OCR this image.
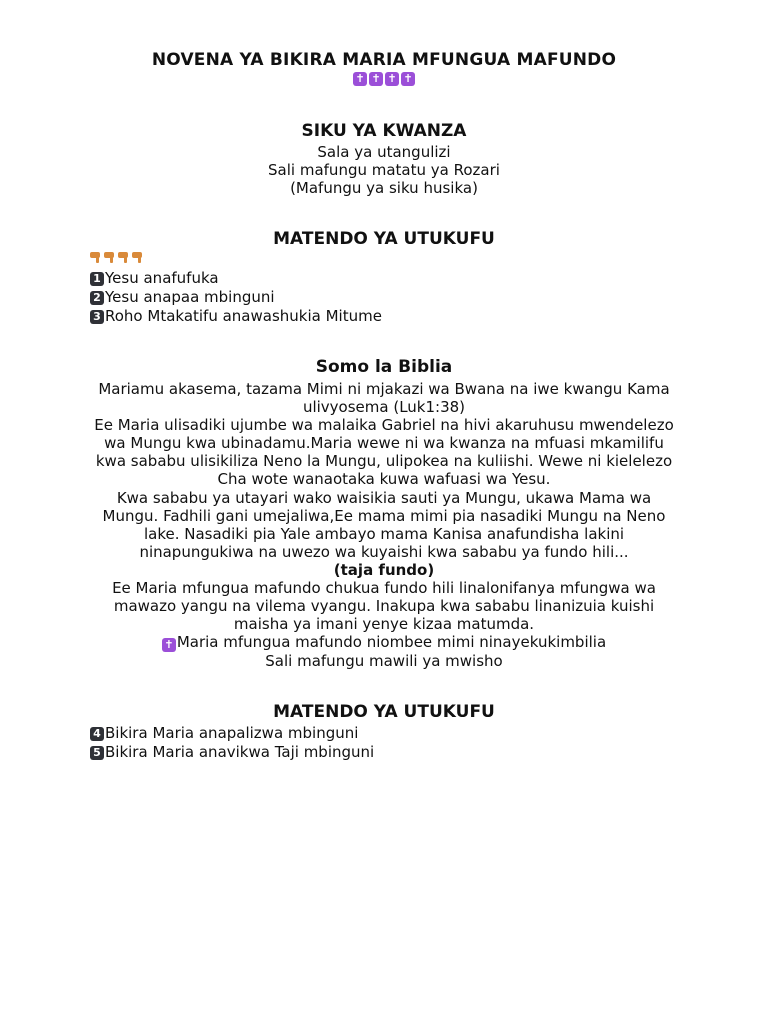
NOVENA YA BIKIRA MARIA MFUNGUA MAFUNDO
✝ ✝ ✝ ✝
SIKU YA KWANZA
Sala ya utangulizi
Sali mafungu matatu ya Rozari
(Mafungu ya siku husika)
MATENDO YA UTUKUFU
1 Yesu anafufuka
2 Yesu anapaa mbinguni
3 Roho Mtakatifu anawashukia Mitume
Somo la Biblia
Mariamu akasema, tazama Mimi ni mjakazi wa Bwana na iwe kwangu Kama
ulivyosema (Luk1:38)
Ee Maria ulisadiki ujumbe wa malaika Gabriel na hivi akaruhusu mwendelezo
wa Mungu kwa ubinadamu.Maria wewe ni wa kwanza na mfuasi mkamilifu
kwa sababu ulisikiliza Neno la Mungu, ulipokea na kuliishi. Wewe ni kielelezo
Cha wote wanaotaka kuwa wafuasi wa Yesu.
Kwa sababu ya utayari wako waisikia sauti ya Mungu, ukawa Mama wa
Mungu. Fadhili gani umejaliwa,Ee mama mimi pia nasadiki Mungu na Neno
lake. Nasadiki pia Yale ambayo mama Kanisa anafundisha lakini
ninapungukiwa na uwezo wa kuyaishi kwa sababu ya fundo hili...
(taja fundo)
Ee Maria mfungua mafundo chukua fundo hili linalonifanya mfungwa wa
mawazo yangu na vilema vyangu. Inakupa kwa sababu linanizuia kuishi
maisha ya imani yenye kizaa matumda.
✝ Maria mfungua mafundo niombee mimi ninayekukimbilia
Sali mafungu mawili ya mwisho
MATENDO YA UTUKUFU
4 Bikira Maria anapalizwa mbinguni
5 Bikira Maria anavikwa Taji mbinguni
